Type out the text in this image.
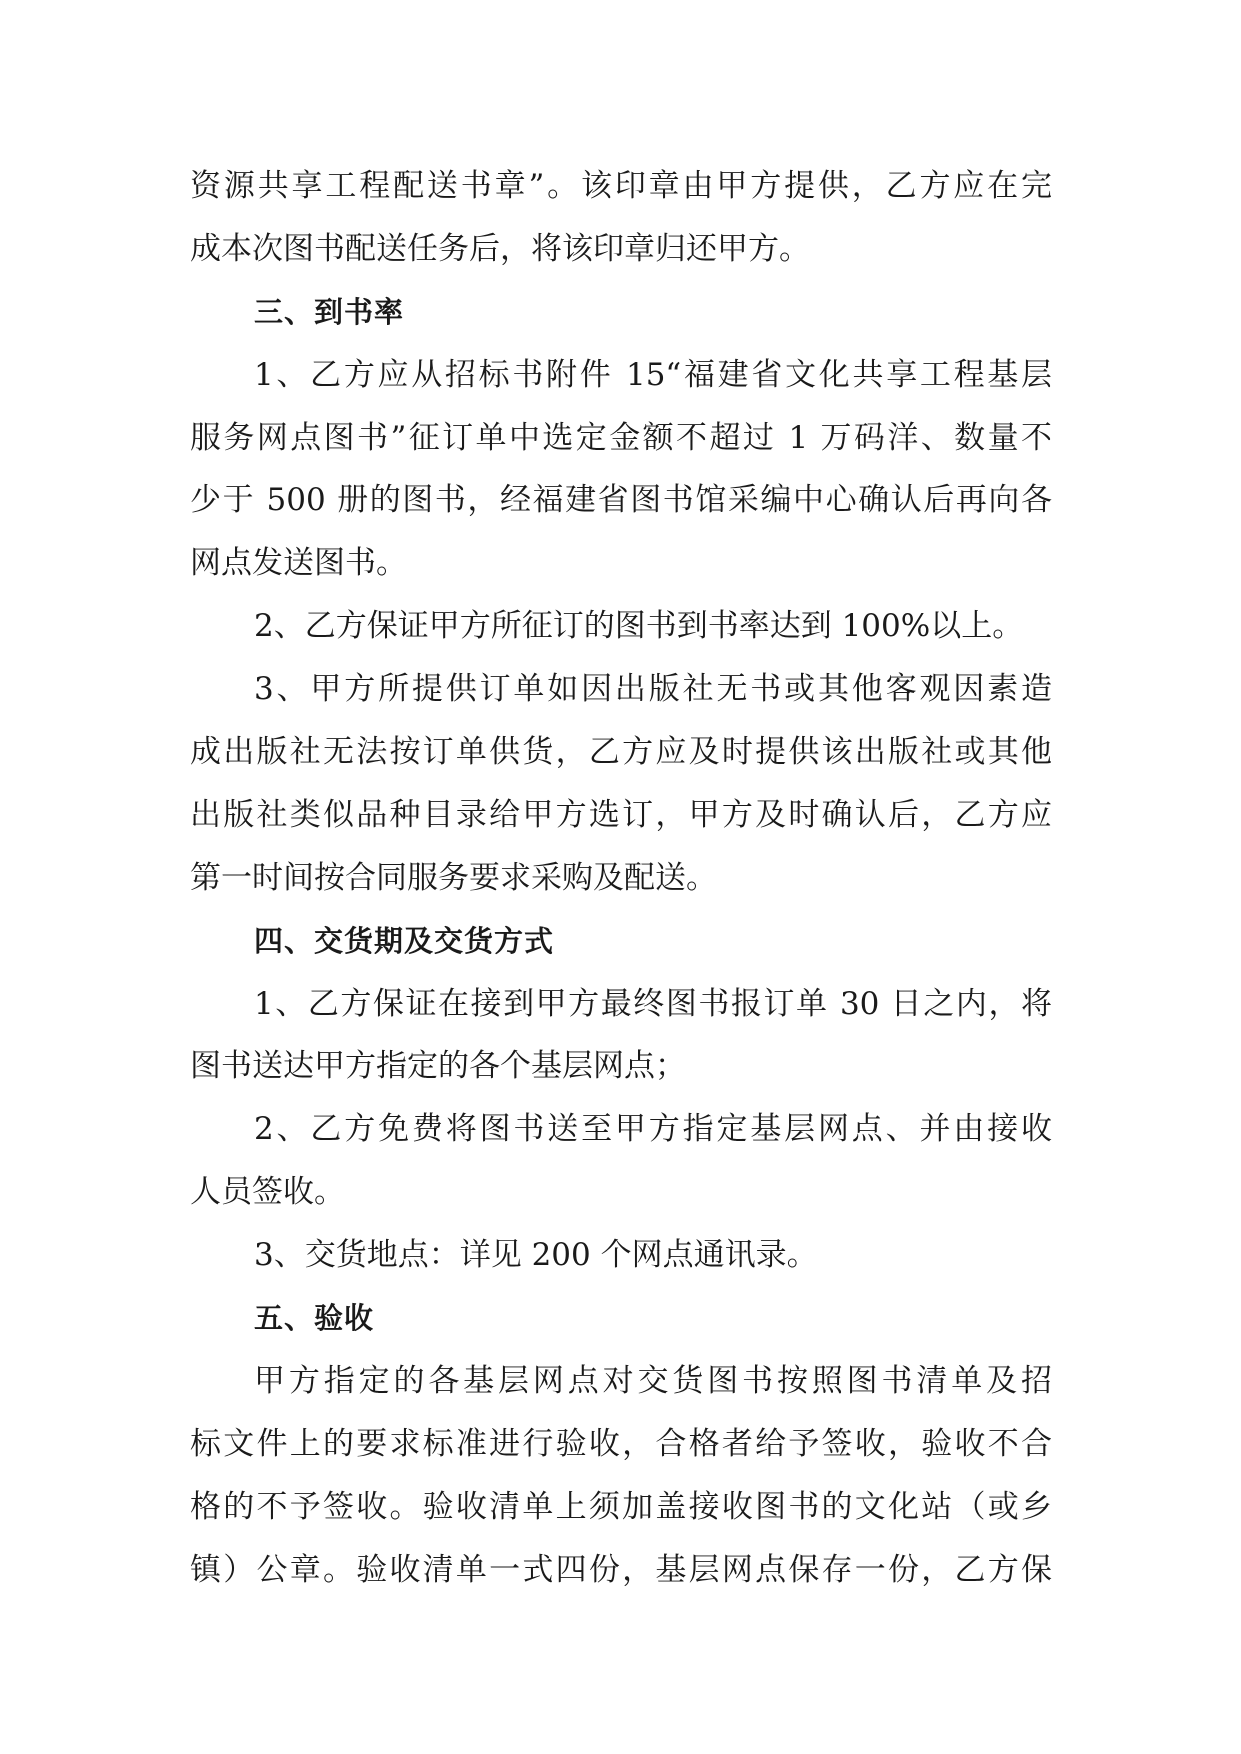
资源共享工程配送书章”。该印章由甲方提供，乙方应在完
成本次图书配送任务后，将该印章归还甲方。
三、到书率
1、乙方应从招标书附件 15“福建省文化共享工程基层
服务网点图书”征订单中选定金额不超过 1 万码洋、数量不
少于 500 册的图书，经福建省图书馆采编中心确认后再向各
网点发送图书。
2、乙方保证甲方所征订的图书到书率达到 100%以上。
3、甲方所提供订单如因出版社无书或其他客观因素造
成出版社无法按订单供货，乙方应及时提供该出版社或其他
出版社类似品种目录给甲方选订，甲方及时确认后，乙方应
第一时间按合同服务要求采购及配送。
四、交货期及交货方式
1、乙方保证在接到甲方最终图书报订单 30 日之内，将
图书送达甲方指定的各个基层网点；
2、乙方免费将图书送至甲方指定基层网点、并由接收
人员签收。
3、交货地点：详见 200 个网点通讯录。
五、验收
甲方指定的各基层网点对交货图书按照图书清单及招
标文件上的要求标准进行验收，合格者给予签收，验收不合
格的不予签收。验收清单上须加盖接收图书的文化站（或乡
镇）公章。验收清单一式四份，基层网点保存一份，乙方保
